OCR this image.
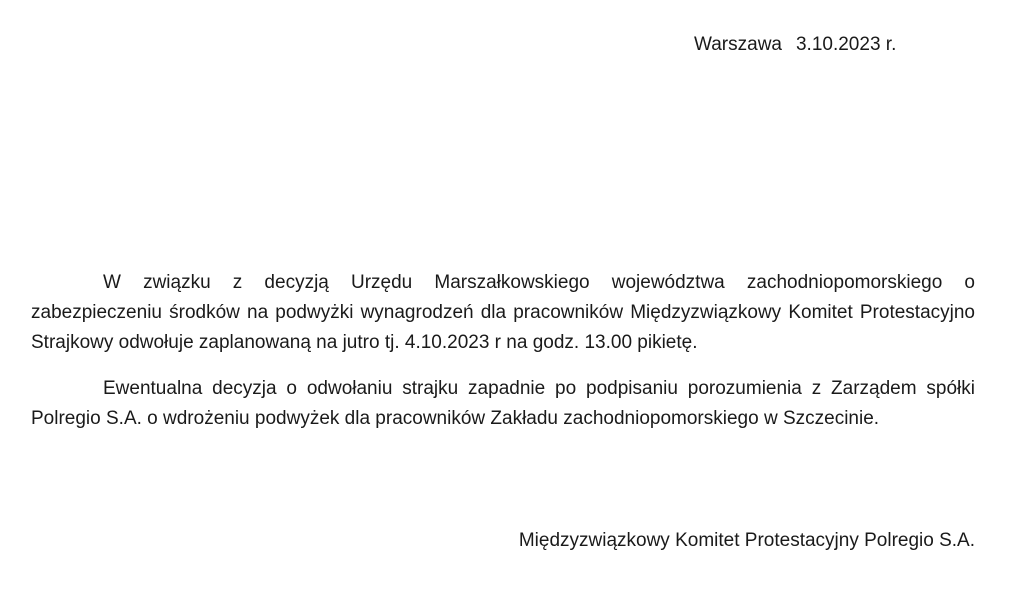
Warszawa 3.10.2023 r.

W związku z decyzją Urzędu Marszałkowskiego województwa zachodniopomorskiego o zabezpieczeniu środków na podwyżki wynagrodzeń dla pracowników Międzyzwiązkowy Komitet Protestacyjno Strajkowy odwołuje zaplanowaną na jutro tj. 4.10.2023 r na godz. 13.00 pikietę.

Ewentualna decyzja o odwołaniu strajku zapadnie po podpisaniu porozumienia z Zarządem spółki Polregio S.A. o wdrożeniu podwyżek dla pracowników Zakładu zachodniopomorskiego w Szczecinie.

Międzyzwiązkowy Komitet Protestacyjny Polregio S.A.
